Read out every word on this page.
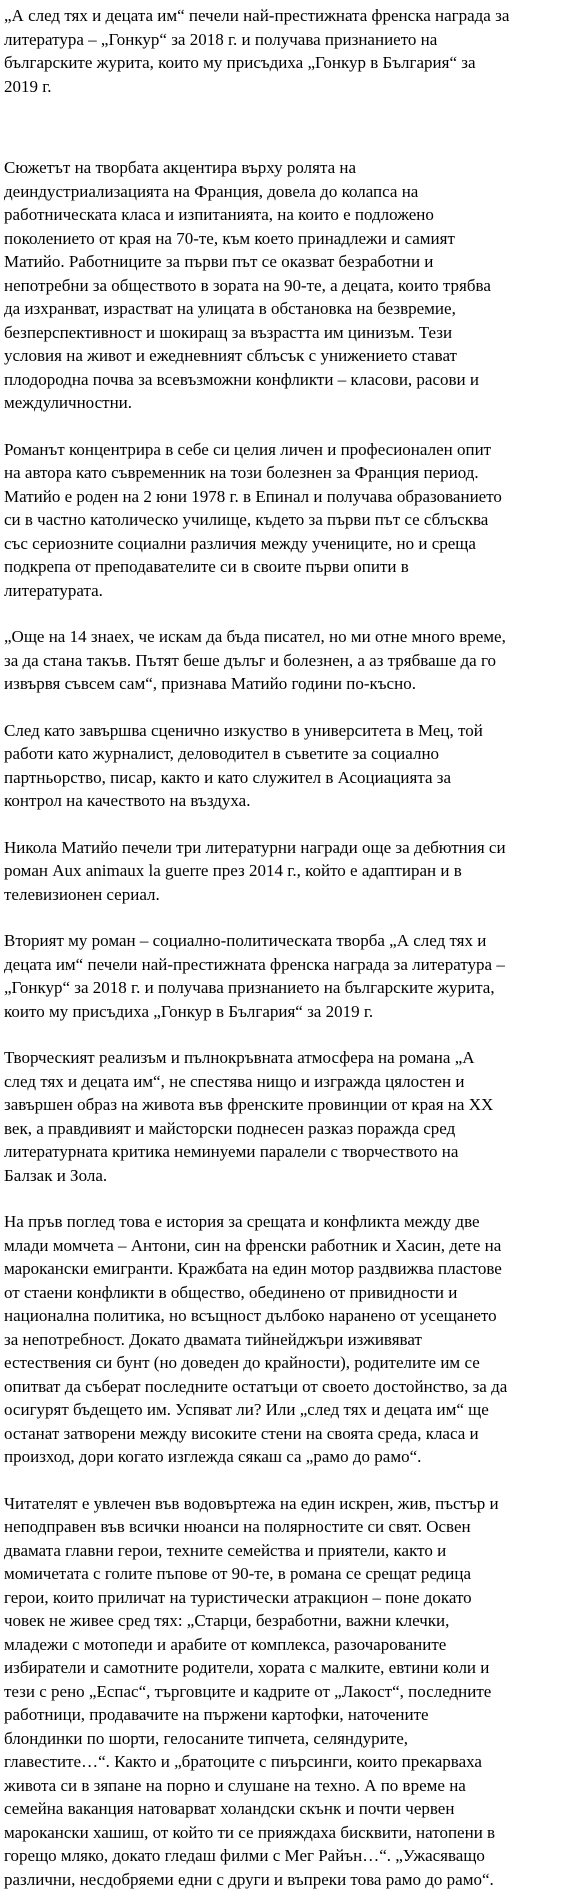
„А след тях и децата им“ печели най-престижната френска награда за
литература – „Гонкур“ за 2018 г. и получава признанието на
българските журита, които му присъдиха „Гонкур в България“ за
2019 г.

Сюжетът на творбата акцентира върху ролята на
деиндустриализацията на Франция, довела до колапса на
работническата класа и изпитанията, на които е подложено
поколението от края на 70-те, към което принадлежи и самият
Матийо. Работниците за първи път се оказват безработни и
непотребни за обществото в зората на 90-те, а децата, които трябва
да изхранват, израстват на улицата в обстановка на безвремие,
безперспективност и шокиращ за възрастта им цинизъм. Тези
условия на живот и ежедневният сблъсък с унижението стават
плодородна почва за всевъзможни конфликти – класови, расови и
междуличностни.

Романът концентрира в себе си целия личен и професионален опит
на автора като съвременник на този болезнен за Франция период.
Матийо е роден на 2 юни 1978 г. в Епинал и получава образованието
си в частно католическо училище, където за първи път се сблъсква
със сериозните социални различия между учениците, но и среща
подкрепа от преподавателите си в своите първи опити в
литературата.

„Още на 14 знаех, че искам да бъда писател, но ми отне много време,
за да стана такъв. Пътят беше дълъг и болезнен, а аз трябваше да го
извървя съвсем сам“, признава Матийо години по-късно.

След като завършва сценично изкуство в университета в Мец, той
работи като журналист, деловодител в съветите за социално
партньорство, писар, както и като служител в Асоциацията за
контрол на качеството на въздуха.

Никола Матийо печели три литературни награди още за дебютния си
роман Aux animaux la guerre през 2014 г., който е адаптиран и в
телевизионен сериал.

Вторият му роман – социално-политическата творба „А след тях и
децата им“ печели най-престижната френска награда за литература –
„Гонкур“ за 2018 г. и получава признанието на българските журита,
които му присъдиха „Гонкур в България“ за 2019 г.

Творческият реализъм и пълнокръвната атмосфера на романа „А
след тях и децата им“, не спестява нищо и изгражда цялостен и
завършен образ на живота във френските провинции от края на XX
век, а правдивият и майсторски поднесен разказ поражда сред
литературната критика неминуеми паралели с творчеството на
Балзак и Зола.

На пръв поглед това е история за срещата и конфликта между две
млади момчета – Антони, син на френски работник и Хасин, дете на
марокански емигранти. Кражбата на един мотор раздвижва пластове
от стаени конфликти в общество, обединено от привидности и
национална политика, но всъщност дълбоко наранено от усещането
за непотребност. Докато двамата тийнейджъри изживяват
естествения си бунт (но доведен до крайности), родителите им се
опитват да съберат последните остатъци от своето достойнство, за да
осигурят бъдещето им. Успяват ли? Или „след тях и децата им“ ще
останат затворени между високите стени на своята среда, класа и
произход, дори когато изглежда сякаш са „рамо до рамо“.

Читателят е увлечен във водовъртежа на един искрен, жив, пъстър и
неподправен във всички нюанси на полярностите си свят. Освен
двамата главни герои, техните семейства и приятели, както и
момичетата с голите пъпове от 90-те, в романа се срещат редица
герои, които приличат на туристически атракцион – поне докато
човек не живее сред тях: „Старци, безработни, важни клечки,
младежи с мотопеди и арабите от комплекса, разочарованите
избиратели и самотните родители, хората с малките, евтини коли и
тези с рено „Еспас“, търговците и кадрите от „Лакост“, последните
работници, продавачите на пържени картофки, наточените
блондинки по шорти, гелосаните типчета, селяндурите,
главестите…“. Както и „братоците с пиърсинги, които прекарваха
живота си в зяпане на порно и слушане на техно. А по време на
семейна ваканция натоварват холандски скънк и почти червен
марокански хашиш, от който ти се прияждаха бисквити, натопени в
горещо мляко, докато гледаш филми с Мег Райън…“. „Ужасяващо
различни, несдобряеми едни с други и въпреки това рамо до рамо“.
